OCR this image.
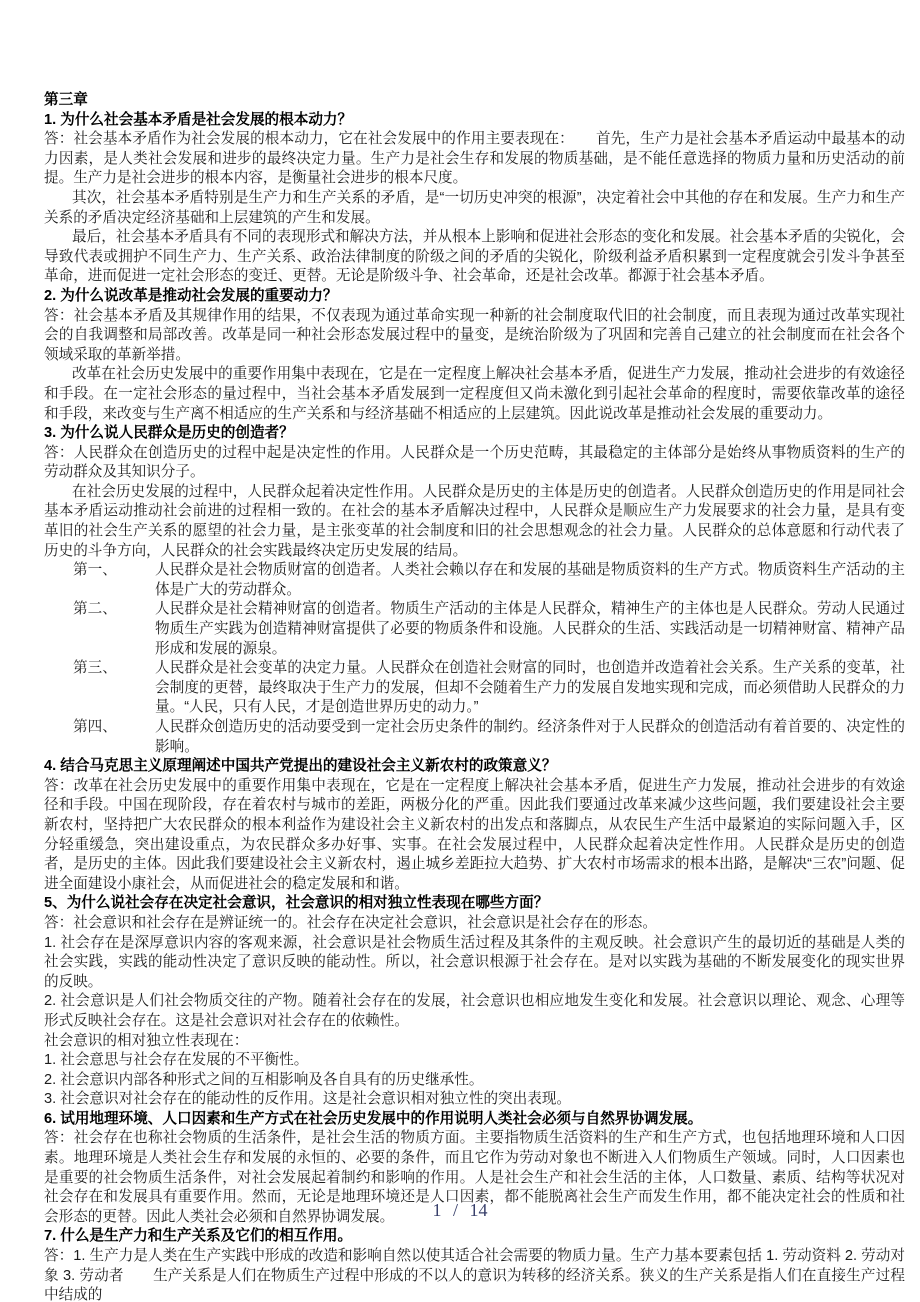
第三章
1. 为什么社会基本矛盾是社会发展的根本动力？

答：社会基本矛盾作为社会发展的根本动力，它在社会发展中的作用主要表现在：　　首先，生产力是社会基本矛盾运动中最基本的动力因素，是人类社会发展和进步的最终决定力量。生产力是社会生存和发展的物质基础，是不能任意选择的物质力量和历史活动的前提。生产力是社会进步的根本内容，是衡量社会进步的根本尺度。

其次，社会基本矛盾特别是生产力和生产关系的矛盾，是“一切历史冲突的根源”，决定着社会中其他的存在和发展。生产力和生产关系的矛盾决定经济基础和上层建筑的产生和发展。

最后，社会基本矛盾具有不同的表现形式和解决方法，并从根本上影响和促进社会形态的变化和发展。社会基本矛盾的尖锐化，会导致代表或拥护不同生产力、生产关系、政治法律制度的阶级之间的矛盾的尖锐化，阶级利益矛盾积累到一定程度就会引发斗争甚至革命，进而促进一定社会形态的变迁、更替。无论是阶级斗争、社会革命，还是社会改革。都源于社会基本矛盾。

2. 为什么说改革是推动社会发展的重要动力？

答：社会基本矛盾及其规律作用的结果，不仅表现为通过革命实现一种新的社会制度取代旧的社会制度，而且表现为通过改革实现社会的自我调整和局部改善。改革是同一种社会形态发展过程中的量变，是统治阶级为了巩固和完善自己建立的社会制度而在社会各个领域采取的革新举措。

改革在社会历史发展中的重要作用集中表现在，它是在一定程度上解决社会基本矛盾，促进生产力发展，推动社会进步的有效途径和手段。在一定社会形态的量过程中，当社会基本矛盾发展到一定程度但又尚未激化到引起社会革命的程度时，需要依靠改革的途径和手段，来改变与生产离不相适应的生产关系和与经济基础不相适应的上层建筑。因此说改革是推动社会发展的重要动力。

3. 为什么说人民群众是历史的创造者？

答：人民群众在创造历史的过程中起是决定性的作用。人民群众是一个历史范畴，其最稳定的主体部分是始终从事物质资料的生产的劳动群众及其知识分子。

在社会历史发展的过程中，人民群众起着决定性作用。人民群众是历史的主体是历史的创造者。人民群众创造历史的作用是同社会基本矛盾运动推动社会前进的过程相一致的。在社会的基本矛盾解决过程中，人民群众是顺应生产力发展要求的社会力量，是具有变革旧的社会生产关系的愿望的社会力量，是主张变革的社会制度和旧的社会思想观念的社会力量。人民群众的总体意愿和行动代表了历史的斗争方向，人民群众的社会实践最终决定历史发展的结局。

第一、	人民群众是社会物质财富的创造者。人类社会赖以存在和发展的基础是物质资料的生产方式。物质资料生产活动的主体是广大的劳动群众。
第二、	人民群众是社会精神财富的创造者。物质生产活动的主体是人民群众，精神生产的主体也是人民群众。劳动人民通过物质生产实践为创造精神财富提供了必要的物质条件和设施。人民群众的生活、实践活动是一切精神财富、精神产品形成和发展的源泉。
第三、	人民群众是社会变革的决定力量。人民群众在创造社会财富的同时，也创造并改造着社会关系。生产关系的变革，社会制度的更替，最终取决于生产力的发展，但却不会随着生产力的发展自发地实现和完成，而必须借助人民群众的力量。“人民，只有人民，才是创造世界历史的动力。”
第四、	人民群众创造历史的活动要受到一定社会历史条件的制约。经济条件对于人民群众的创造活动有着首要的、决定性的影响。
4. 结合马克思主义原理阐述中国共产党提出的建设社会主义新农村的政策意义？

答：改革在社会历史发展中的重要作用集中表现在，它是在一定程度上解决社会基本矛盾，促进生产力发展，推动社会进步的有效途径和手段。中国在现阶段，存在着农村与城市的差距，两极分化的严重。因此我们要通过改革来减少这些问题，我们要建设社会主要新农村，坚持把广大农民群众的根本利益作为建设社会主义新农村的出发点和落脚点，从农民生产生活中最紧迫的实际问题入手，区分轻重缓急，突出建设重点，为农民群众多办好事、实事。在社会发展过程中，人民群众起着决定性作用。人民群众是历史的创造者，是历史的主体。因此我们要建设社会主义新农村，遏止城乡差距拉大趋势、扩大农村市场需求的根本出路，是解决“三农”问题、促进全面建设小康社会，从而促进社会的稳定发展和和谐。

5、为什么说社会存在决定社会意识，社会意识的相对独立性表现在哪些方面？

答：社会意识和社会存在是辨证统一的。社会存在决定社会意识，社会意识是社会存在的形态。

1. 社会存在是深厚意识内容的客观来源，社会意识是社会物质生活过程及其条件的主观反映。社会意识产生的最切近的基础是人类的社会实践，实践的能动性决定了意识反映的能动性。所以，社会意识根源于社会存在。是对以实践为基础的不断发展变化的现实世界的反映。

2. 社会意识是人们社会物质交往的产物。随着社会存在的发展，社会意识也相应地发生变化和发展。社会意识以理论、观念、心理等形式反映社会存在。这是社会意识对社会存在的依赖性。

社会意识的相对独立性表现在：

1. 社会意思与社会存在发展的不平衡性。

2. 社会意识内部各种形式之间的互相影响及各自具有的历史继承性。

3. 社会意识对社会存在的能动性的反作用。这是社会意识相对独立性的突出表现。

6. 试用地理环境、人口因素和生产方式在社会历史发展中的作用说明人类社会必须与自然界协调发展。

答：社会存在也称社会物质的生活条件，是社会生活的物质方面。主要指物质生活资料的生产和生产方式，也包括地理环境和人口因素。地理环境是人类社会生存和发展的永恒的、必要的条件，而且它作为劳动对象也不断进入人们物质生产领域。同时，人口因素也是重要的社会物质生活条件，对社会发展起着制约和影响的作用。人是社会生产和社会生活的主体，人口数量、素质、结构等状况对社会存在和发展具有重要作用。然而，无论是地理环境还是人口因素，都不能脱离社会生产而发生作用，都不能决定社会的性质和社会形态的更替。因此人类社会必须和自然界协调发展。

7. 什么是生产力和生产关系及它们的相互作用。

答：1. 生产力是人类在生产实践中形成的改造和影响自然以使其适合社会需要的物质力量。生产力基本要素包括 1. 劳动资料 2. 劳动对象 3. 劳动者　　生产关系是人们在物质生产过程中形成的不以人的意识为转移的经济关系。狭义的生产关系是指人们在直接生产过程中结成的

1 / 14
